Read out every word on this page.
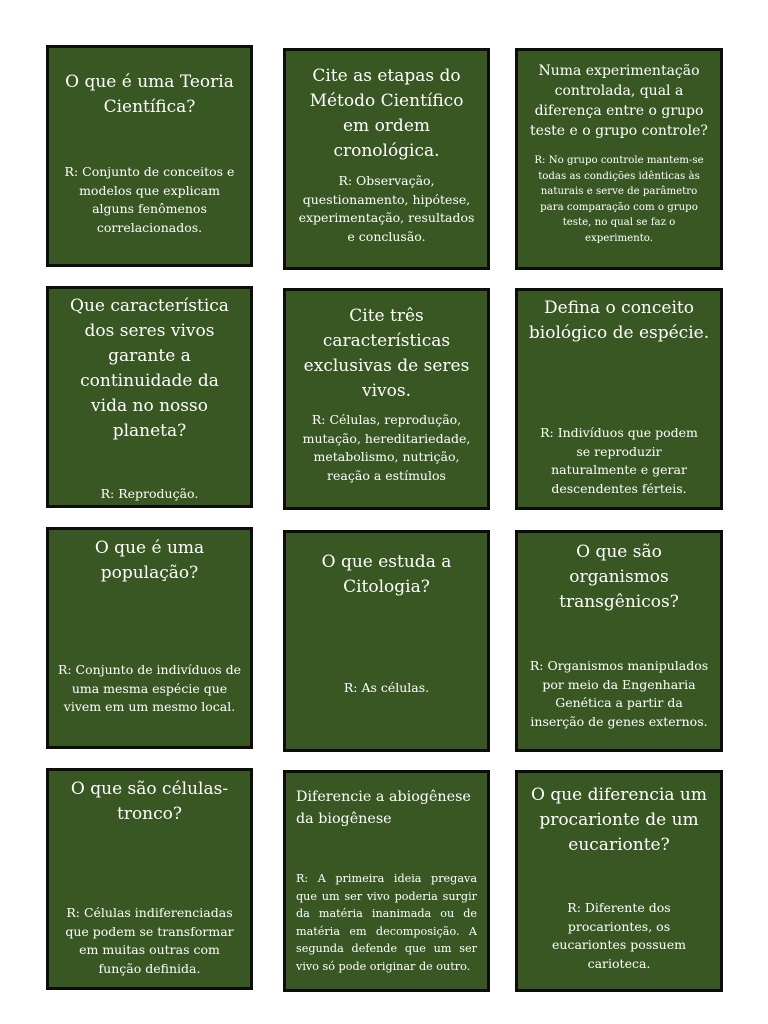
O que é uma Teoria Científica?
R: Conjunto de conceitos e modelos que explicam alguns fenômenos correlacionados.
Cite as etapas do Método Científico em ordem cronológica.
R: Observação, questionamento, hipótese, experimentação, resultados e conclusão.
Numa experimentação controlada, qual a diferença entre o grupo teste e o grupo controle?
R: No grupo controle mantem-se todas as condições idênticas às naturais e serve de parâmetro para comparação com o grupo teste, no qual se faz o experimento.
Que característica dos seres vivos garante a continuidade da vida no nosso planeta?
R: Reprodução.
Cite três características exclusivas de seres vivos.
R: Células, reprodução, mutação, hereditariedade, metabolismo, nutrição, reação a estímulos
Defina o conceito biológico de espécie.
R: Indivíduos que podem se reproduzir naturalmente e gerar descendentes férteis.
O que é uma população?
R: Conjunto de indivíduos de uma mesma espécie que vivem em um mesmo local.
O que estuda a Citologia?
R: As células.
O que são organismos transgênicos?
R: Organismos manipulados por meio da Engenharia Genética a partir da inserção de genes externos.
O que são células-tronco?
R: Células indiferenciadas que podem se transformar em muitas outras com função definida.
Diferencie a abiogênese da biogênese
R: A primeira ideia pregava que um ser vivo poderia surgir da matéria inanimada ou de matéria em decomposição. A segunda defende que um ser vivo só pode originar de outro.
O que diferencia um procarionte de um eucarionte?
R: Diferente dos procariontes, os eucariontes possuem carioteca.
